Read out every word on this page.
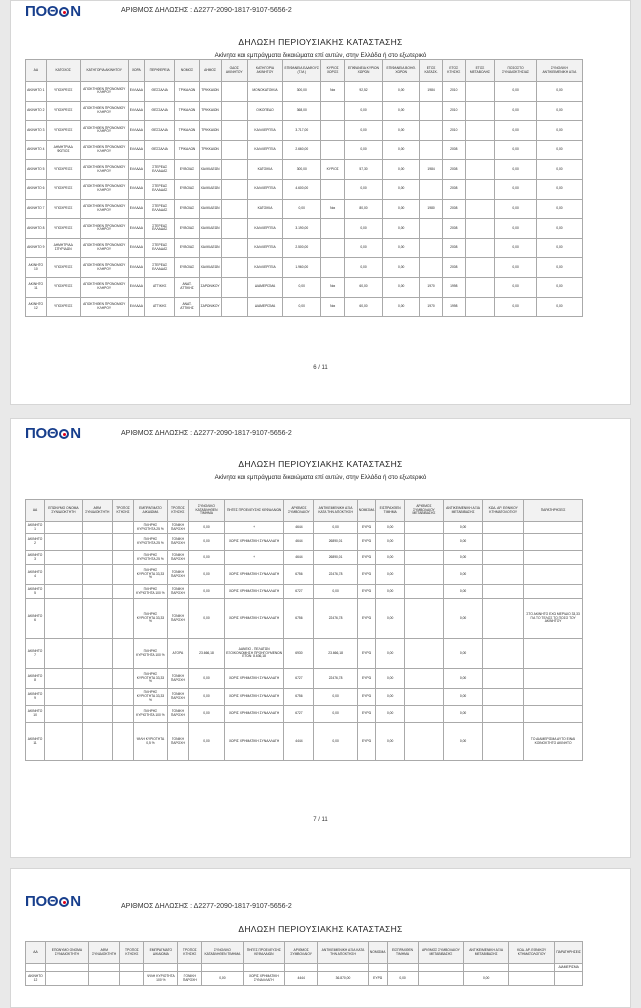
ΠΟΘ Ν	ΑΡΙΘΜΟΣ ΔΗΛΩΣΗΣ : Δ2277-2090-1817-9107-5656-2
ΔΗΛΩΣΗ ΠΕΡΙΟΥΣΙΑΚΗΣ ΚΑΤΑΣΤΑΣΗΣ
Ακίνητα και εμπράγματα δικαιώματα επί αυτών, στην Ελλάδα ή στο εξωτερικό
ΑΑ	ΚΑΤΟΧΟΣ	ΚΑΤΗΓΟΡΙΑ ΑΚΙΝΗΤΟΥ	ΧΩΡΑ	ΠΕΡΙΦΕΡΕΙΑ	ΝΟΜΟΣ	ΔΗΜΟΣ	ΟΔΟΣ ΑΚΙΝΗΤΟΥ	ΚΑΤΗΓΟΡΙΑ ΑΚΙΝΗΤΟΥ	ΕΠΙΦΑΝΕΙΑ ΕΔΑΦΟΥΣ (Τ.Μ.)	ΚΥΡΙΟΣ ΧΩΡΟΣ	ΕΠΙΦΑΝΕΙΑ ΚΥΡΙΩΝ ΧΩΡΩΝ	ΕΠΙΦΑΝΕΙΑ ΒΟΗΘ. ΧΩΡΩΝ	ΕΤΟΣ ΚΑΤΑΣΚ.	ΕΤΟΣ ΚΤΗΣΗΣ	ΕΤΟΣ ΜΕΤΑΒΟΛΗΣ	ΠΟΣΟΣΤΟ ΣΥΝΙΔΙΟΚΤΗΣΙΑΣ	ΣΥΝΟΛΙΚΗ ΑΝΤΙΚΕΙΜΕΝΙΚΗ ΑΞΙΑ
ΑΚΙΝΗΤΟ 1	ΥΠΟΧΡΕΟΣ	ΑΠΟΚΤΗΘΕΝ ΠΡΟΝΟΜΙΟΥ ΚΛΗΡΟΥ	ΕΛΛΑΔΑ	ΘΕΣΣΑΛΙΑ	ΤΡΙΚΑΛΩΝ	ΤΡΙΚΚΑΙΩΝ		ΜΟΝΟΚΑΤΟΙΚΙΑ	300,00	Ναι	92,52	0,00	1984	2010		0,00	0,00
ΑΚΙΝΗΤΟ 2	ΥΠΟΧΡΕΟΣ	ΑΠΟΚΤΗΘΕΝ ΠΡΟΝΟΜΙΟΥ ΚΛΗΡΟΥ	ΕΛΛΑΔΑ	ΘΕΣΣΑΛΙΑ	ΤΡΙΚΑΛΩΝ	ΤΡΙΚΚΑΙΩΝ		ΟΙΚΟΠΕΔΟ	368,00		0,00	0,00		2010		0,00	0,00
ΑΚΙΝΗΤΟ 3	ΥΠΟΧΡΕΟΣ	ΑΠΟΚΤΗΘΕΝ ΠΡΟΝΟΜΙΟΥ ΚΛΗΡΟΥ	ΕΛΛΑΔΑ	ΘΕΣΣΑΛΙΑ	ΤΡΙΚΑΛΩΝ	ΤΡΙΚΚΑΙΩΝ		ΚΑΛΛΙΕΡΓΕΙΑ	3.717,00		0,00	0,00		2010		0,00	0,00
ΑΚΙΝΗΤΟ 4	ΔΗΜΗΤΡΙΑΔ ΦΩΤΙΟΣ	ΑΠΟΚΤΗΘΕΝ ΠΡΟΝΟΜΙΟΥ ΚΛΗΡΟΥ	ΕΛΛΑΔΑ	ΘΕΣΣΑΛΙΑ	ΤΡΙΚΑΛΩΝ	ΤΡΙΚΚΑΙΩΝ		ΚΑΛΛΙΕΡΓΕΙΑ	2.660,00		0,00	0,00		2008		0,00	0,00
ΑΚΙΝΗΤΟ 5	ΥΠΟΧΡΕΟΣ	ΑΠΟΚΤΗΘΕΝ ΠΡΟΝΟΜΙΟΥ ΚΛΗΡΟΥ	ΕΛΛΑΔΑ	ΣΤΕΡΕΑΣ ΕΛΛΑΔΑΣ	ΕΥΒΟΙΑΣ	ΧΑΛΚΙΔΕΩΝ		ΚΑΤΟΙΚΙΑ	300,00	ΚΥΡΙΟΣ	57,30	0,00	1984	2008		0,00	0,00
ΑΚΙΝΗΤΟ 6	ΥΠΟΧΡΕΟΣ	ΑΠΟΚΤΗΘΕΝ ΠΡΟΝΟΜΙΟΥ ΚΛΗΡΟΥ	ΕΛΛΑΔΑ	ΣΤΕΡΕΑΣ ΕΛΛΑΔΑΣ	ΕΥΒΟΙΑΣ	ΧΑΛΚΙΔΕΩΝ		ΚΑΛΛΙΕΡΓΕΙΑ	4.600,00		0,00	0,00		2008		0,00	0,00
ΑΚΙΝΗΤΟ 7	ΥΠΟΧΡΕΟΣ	ΑΠΟΚΤΗΘΕΝ ΠΡΟΝΟΜΙΟΥ ΚΛΗΡΟΥ	ΕΛΛΑΔΑ	ΣΤΕΡΕΑΣ ΕΛΛΑΔΑΣ	ΕΥΒΟΙΑΣ	ΧΑΛΚΙΔΕΩΝ		ΚΑΤΟΙΚΙΑ	0,00	Ναι	80,00	0,00	1980	2008		0,00	0,00
ΑΚΙΝΗΤΟ 8	ΥΠΟΧΡΕΟΣ	ΑΠΟΚΤΗΘΕΝ ΠΡΟΝΟΜΙΟΥ ΚΛΗΡΟΥ	ΕΛΛΑΔΑ	ΣΤΕΡΕΑΣ ΕΛΛΑΔΑΣ	ΕΥΒΟΙΑΣ	ΧΑΛΚΙΔΕΩΝ		ΚΑΛΛΙΕΡΓΕΙΑ	3.190,00		0,00	0,00		2008		0,00	0,00
ΑΚΙΝΗΤΟ 9	ΔΗΜΗΤΡΙΑΔ ΣΠΥΡΙΔΩΝ	ΑΠΟΚΤΗΘΕΝ ΠΡΟΝΟΜΙΟΥ ΚΛΗΡΟΥ	ΕΛΛΑΔΑ	ΣΤΕΡΕΑΣ ΕΛΛΑΔΑΣ	ΕΥΒΟΙΑΣ	ΧΑΛΚΙΔΕΩΝ		ΚΑΛΛΙΕΡΓΕΙΑ	2.500,00		0,00	0,00		2008		0,00	0,00
ΑΚΙΝΗΤΟ 10	ΥΠΟΧΡΕΟΣ	ΑΠΟΚΤΗΘΕΝ ΠΡΟΝΟΜΙΟΥ ΚΛΗΡΟΥ	ΕΛΛΑΔΑ	ΣΤΕΡΕΑΣ ΕΛΛΑΔΑΣ	ΕΥΒΟΙΑΣ	ΧΑΛΚΙΔΕΩΝ		ΚΑΛΛΙΕΡΓΕΙΑ	1.960,00		0,00	0,00		2008		0,00	0,00
ΑΚΙΝΗΤΟ 11	ΥΠΟΧΡΕΟΣ	ΑΠΟΚΤΗΘΕΝ ΠΡΟΝΟΜΙΟΥ ΚΛΗΡΟΥ	ΕΛΛΑΔΑ	ΑΤΤΙΚΗΣ	ΑΝΑΤ. ΑΤΤΙΚΗΣ	ΣΑΡΩΝΙΚΟΥ		ΔΙΑΜΕΡΙΣΜΑ	0,00	Ναι	60,00	0,00	1970	1998		0,00	0,00
ΑΚΙΝΗΤΟ 12	ΥΠΟΧΡΕΟΣ	ΑΠΟΚΤΗΘΕΝ ΠΡΟΝΟΜΙΟΥ ΚΛΗΡΟΥ	ΕΛΛΑΔΑ	ΑΤΤΙΚΗΣ	ΑΝΑΤ. ΑΤΤΙΚΗΣ	ΣΑΡΩΝΙΚΟΥ		ΔΙΑΜΕΡΙΣΜΑ	0,00	Ναι	60,00	0,00	1970	1998		0,00	0,00
6 / 11
ΠΟΘ Ν	ΑΡΙΘΜΟΣ ΔΗΛΩΣΗΣ : Δ2277-2090-1817-9107-5656-2
ΔΗΛΩΣΗ ΠΕΡΙΟΥΣΙΑΚΗΣ ΚΑΤΑΣΤΑΣΗΣ
Ακίνητα και εμπράγματα δικαιώματα επί αυτών, στην Ελλάδα ή στο εξωτερικό
ΑΑ	ΕΠΩΝΥΜΟ ΟΝΟΜΑ ΣΥΝΙΔΙΟΚΤΗΤΗ	ΑΦΜ ΣΥΝΙΔΙΟΚΤΗΤΗ	ΤΡΟΠΟΣ ΚΤΗΣΗΣ	ΕΜΠΡΑΓΜΑΤΟ ΔΙΚΑΙΩΜΑ	ΤΡΟΠΟΣ ΚΤΗΣΗΣ	ΣΥΝΟΛΙΚΟ ΚΑΤΑΒΛΗΘΕΝ ΤΙΜΗΜΑ	ΠΗΓΕΣ ΠΡΟΕΛΕΥΣΗΣ ΚΕΦΑΛΑΙΩΝ	ΑΡΙΘΜΟΣ ΣΥΜΒΟΛΑΙΟΥ	ΑΝΤΙΚΕΙΜΕΝΙΚΗ ΑΞΙΑ ΚΑΤΑ ΤΗΝ ΑΠΟΚΤΗΣΗ	ΝΟΜΙΣΜΑ	ΕΙΣΠΡΑΧΘΕΝ ΤΙΜΗΜΑ	ΑΡΙΘΜΟΣ ΣΥΜΒΟΛΑΙΟΥ ΜΕΤΑΒΙΒΑΣΗΣ	ΑΝΤΙΚΕΙΜΕΝΙΚΗ ΑΞΙΑ ΜΕΤΑΒΙΒΑΣΗΣ	ΚΩΔ. ΑΡ. ΕΘΝΙΚΟΥ ΚΤΗΜΑΤΟΛΟΓΙΟΥ	ΠΑΡΑΤΗΡΗΣΕΙΣ
ΑΚΙΝΗΤΟ 1				ΠΛΗΡΗΣ ΚΥΡΙΟΤΗΤΑ 25 %	ΓΟΝΙΚΗ ΠΑΡΟΧΗ	0,00	+	4644	0,00	ΕΥΡΩ	0,00		0,00		
ΑΚΙΝΗΤΟ 2				ΠΛΗΡΗΣ ΚΥΡΙΟΤΗΤΑ 25 %	ΓΟΝΙΚΗ ΠΑΡΟΧΗ	0,00	ΧΩΡΙΣ ΧΡΗΜΑΤΙΚΗ ΣΥΝΑΛΛΑΓΗ	4644	26890,01	ΕΥΡΩ	0,00		0,00		
ΑΚΙΝΗΤΟ 3				ΠΛΗΡΗΣ ΚΥΡΙΟΤΗΤΑ 25 %	ΓΟΝΙΚΗ ΠΑΡΟΧΗ	0,00	+	4644	26890,01	ΕΥΡΩ	0,00		0,00		
ΑΚΙΝΗΤΟ 4				ΠΛΗΡΗΣ ΚΥΡΙΟΤΗΤΑ 33,33 %	ΓΟΝΙΚΗ ΠΑΡΟΧΗ	0,00	ΧΩΡΙΣ ΧΡΗΜΑΤΙΚΗ ΣΥΝΑΛΛΑΓΗ	6756	22476,78	ΕΥΡΩ	0,00		0,00		
ΑΚΙΝΗΤΟ 5				ΠΛΗΡΗΣ ΚΥΡΙΟΤΗΤΑ 100 %	ΓΟΝΙΚΗ ΠΑΡΟΧΗ	0,00	ΧΩΡΙΣ ΧΡΗΜΑΤΙΚΗ ΣΥΝΑΛΛΑΓΗ	6727	0,00	ΕΥΡΩ	0,00		0,00		
ΑΚΙΝΗΤΟ 6				ΠΛΗΡΗΣ ΚΥΡΙΟΤΗΤΑ 33,33 %	ΓΟΝΙΚΗ ΠΑΡΟΧΗ	0,00	ΧΩΡΙΣ ΧΡΗΜΑΤΙΚΗ ΣΥΝΑΛΛΑΓΗ	6756	22476,78	ΕΥΡΩ	0,00		0,00		ΣΤΟ ΑΚΙΝΗΤΟ ΕΧΩ ΜΕΡΙΔΙΟ 33,33 ΓΙΑ ΤΟ ΤΕΛΟΣ ΤΟ ΠΟΣΟ ΤΟΥ ΑΚΙΝΗΤΟΥ
ΑΚΙΝΗΤΟ 7				ΠΛΗΡΗΣ ΚΥΡΙΟΤΗΤΑ 100 %	ΑΓΟΡΑ	23.666,18	ΔΑΝΕΙΟ - ΠΕΛΑΤΩΝ ΕΞΟΙΚΟΝΟΜΗΣΗ ΠΡΟΗΓΟΥΜΕΝΩΝ ΕΤΩΝ: 8.636,18	6930	23.666,18	ΕΥΡΩ	0,00		0,00		
ΑΚΙΝΗΤΟ 8				ΠΛΗΡΗΣ ΚΥΡΙΟΤΗΤΑ 33,33 %	ΓΟΝΙΚΗ ΠΑΡΟΧΗ	0,00	ΧΩΡΙΣ ΧΡΗΜΑΤΙΚΗ ΣΥΝΑΛΛΑΓΗ	6727	22476,78	ΕΥΡΩ	0,00		0,00		
ΑΚΙΝΗΤΟ 9				ΠΛΗΡΗΣ ΚΥΡΙΟΤΗΤΑ 33,33 %	ΓΟΝΙΚΗ ΠΑΡΟΧΗ	0,00	ΧΩΡΙΣ ΧΡΗΜΑΤΙΚΗ ΣΥΝΑΛΛΑΓΗ	6756	0,00	ΕΥΡΩ	0,00		0,00		
ΑΚΙΝΗΤΟ 10				ΠΛΗΡΗΣ ΚΥΡΙΟΤΗΤΑ 100 %	ΓΟΝΙΚΗ ΠΑΡΟΧΗ	0,00	ΧΩΡΙΣ ΧΡΗΜΑΤΙΚΗ ΣΥΝΑΛΛΑΓΗ	6727	0,00	ΕΥΡΩ	0,00		0,00		
ΑΚΙΝΗΤΟ 11				ΨΙΛΗ ΚΥΡΙΟΤΗΤΑ 0,5 %	ΓΟΝΙΚΗ ΠΑΡΟΧΗ	0,00	ΧΩΡΙΣ ΧΡΗΜΑΤΙΚΗ ΣΥΝΑΛΛΑΓΗ	4444	0,00	ΕΥΡΩ	0,00		0,00		ΤΟ ΔΙΑΜΕΡΙΣΜΑ ΑΥΤΟ ΕΙΝΑΙ ΚΟΙΝΟΚΤΗΤΟ ΑΚΙΝΗΤΟ
7 / 11
ΠΟΘ Ν	ΑΡΙΘΜΟΣ ΔΗΛΩΣΗΣ : Δ2277-2090-1817-9107-5656-2
ΔΗΛΩΣΗ ΠΕΡΙΟΥΣΙΑΚΗΣ ΚΑΤΑΣΤΑΣΗΣ
ΑΑ	ΕΠΩΝΥΜΟ ΟΝΟΜΑ ΣΥΝΙΔΙΟΚΤΗΤΗ	ΑΦΜ ΣΥΝΙΔΙΟΚΤΗΤΗ	ΤΡΟΠΟΣ ΚΤΗΣΗΣ	ΕΜΠΡΑΓΜΑΤΟ ΔΙΚΑΙΩΜΑ	ΤΡΟΠΟΣ ΚΤΗΣΗΣ	ΣΥΝΟΛΙΚΟ ΚΑΤΑΒΛΗΘΕΝ ΤΙΜΗΜΑ	ΠΗΓΕΣ ΠΡΟΕΛΕΥΣΗΣ ΚΕΦΑΛΑΙΩΝ	ΑΡΙΘΜΟΣ ΣΥΜΒΟΛΑΙΟΥ	ΑΝΤΙΚΕΙΜΕΝΙΚΗ ΑΞΙΑ ΚΑΤΑ ΤΗΝ ΑΠΟΚΤΗΣΗ	ΝΟΜΙΣΜΑ	ΕΙΣΠΡΑΧΘΕΝ ΤΙΜΗΜΑ	ΑΡΙΘΜΟΣ ΣΥΜΒΟΛΑΙΟΥ ΜΕΤΑΒΙΒΑΣΗΣ	ΑΝΤΙΚΕΙΜΕΝΙΚΗ ΑΞΙΑ ΜΕΤΑΒΙΒΑΣΗΣ	ΚΩΔ. ΑΡ. ΕΘΝΙΚΟΥ ΚΤΗΜΑΤΟΛΟΓΙΟΥ	ΠΑΡΑΤΗΡΗΣΕΙΣ
															ΔΙΑΜΕΡΙΣΜΑ
ΑΚΙΝΗΤΟ 12				ΨΙΛΗ ΚΥΡΙΟΤΗΤΑ 100 %	ΓΟΝΙΚΗ ΠΑΡΟΧΗ	0,00	ΧΩΡΙΣ ΧΡΗΜΑΤΙΚΗ ΣΥΝΑΛΛΑΓΗ	4444	36.870,00	ΕΥΡΩ	0,00		0,00		
